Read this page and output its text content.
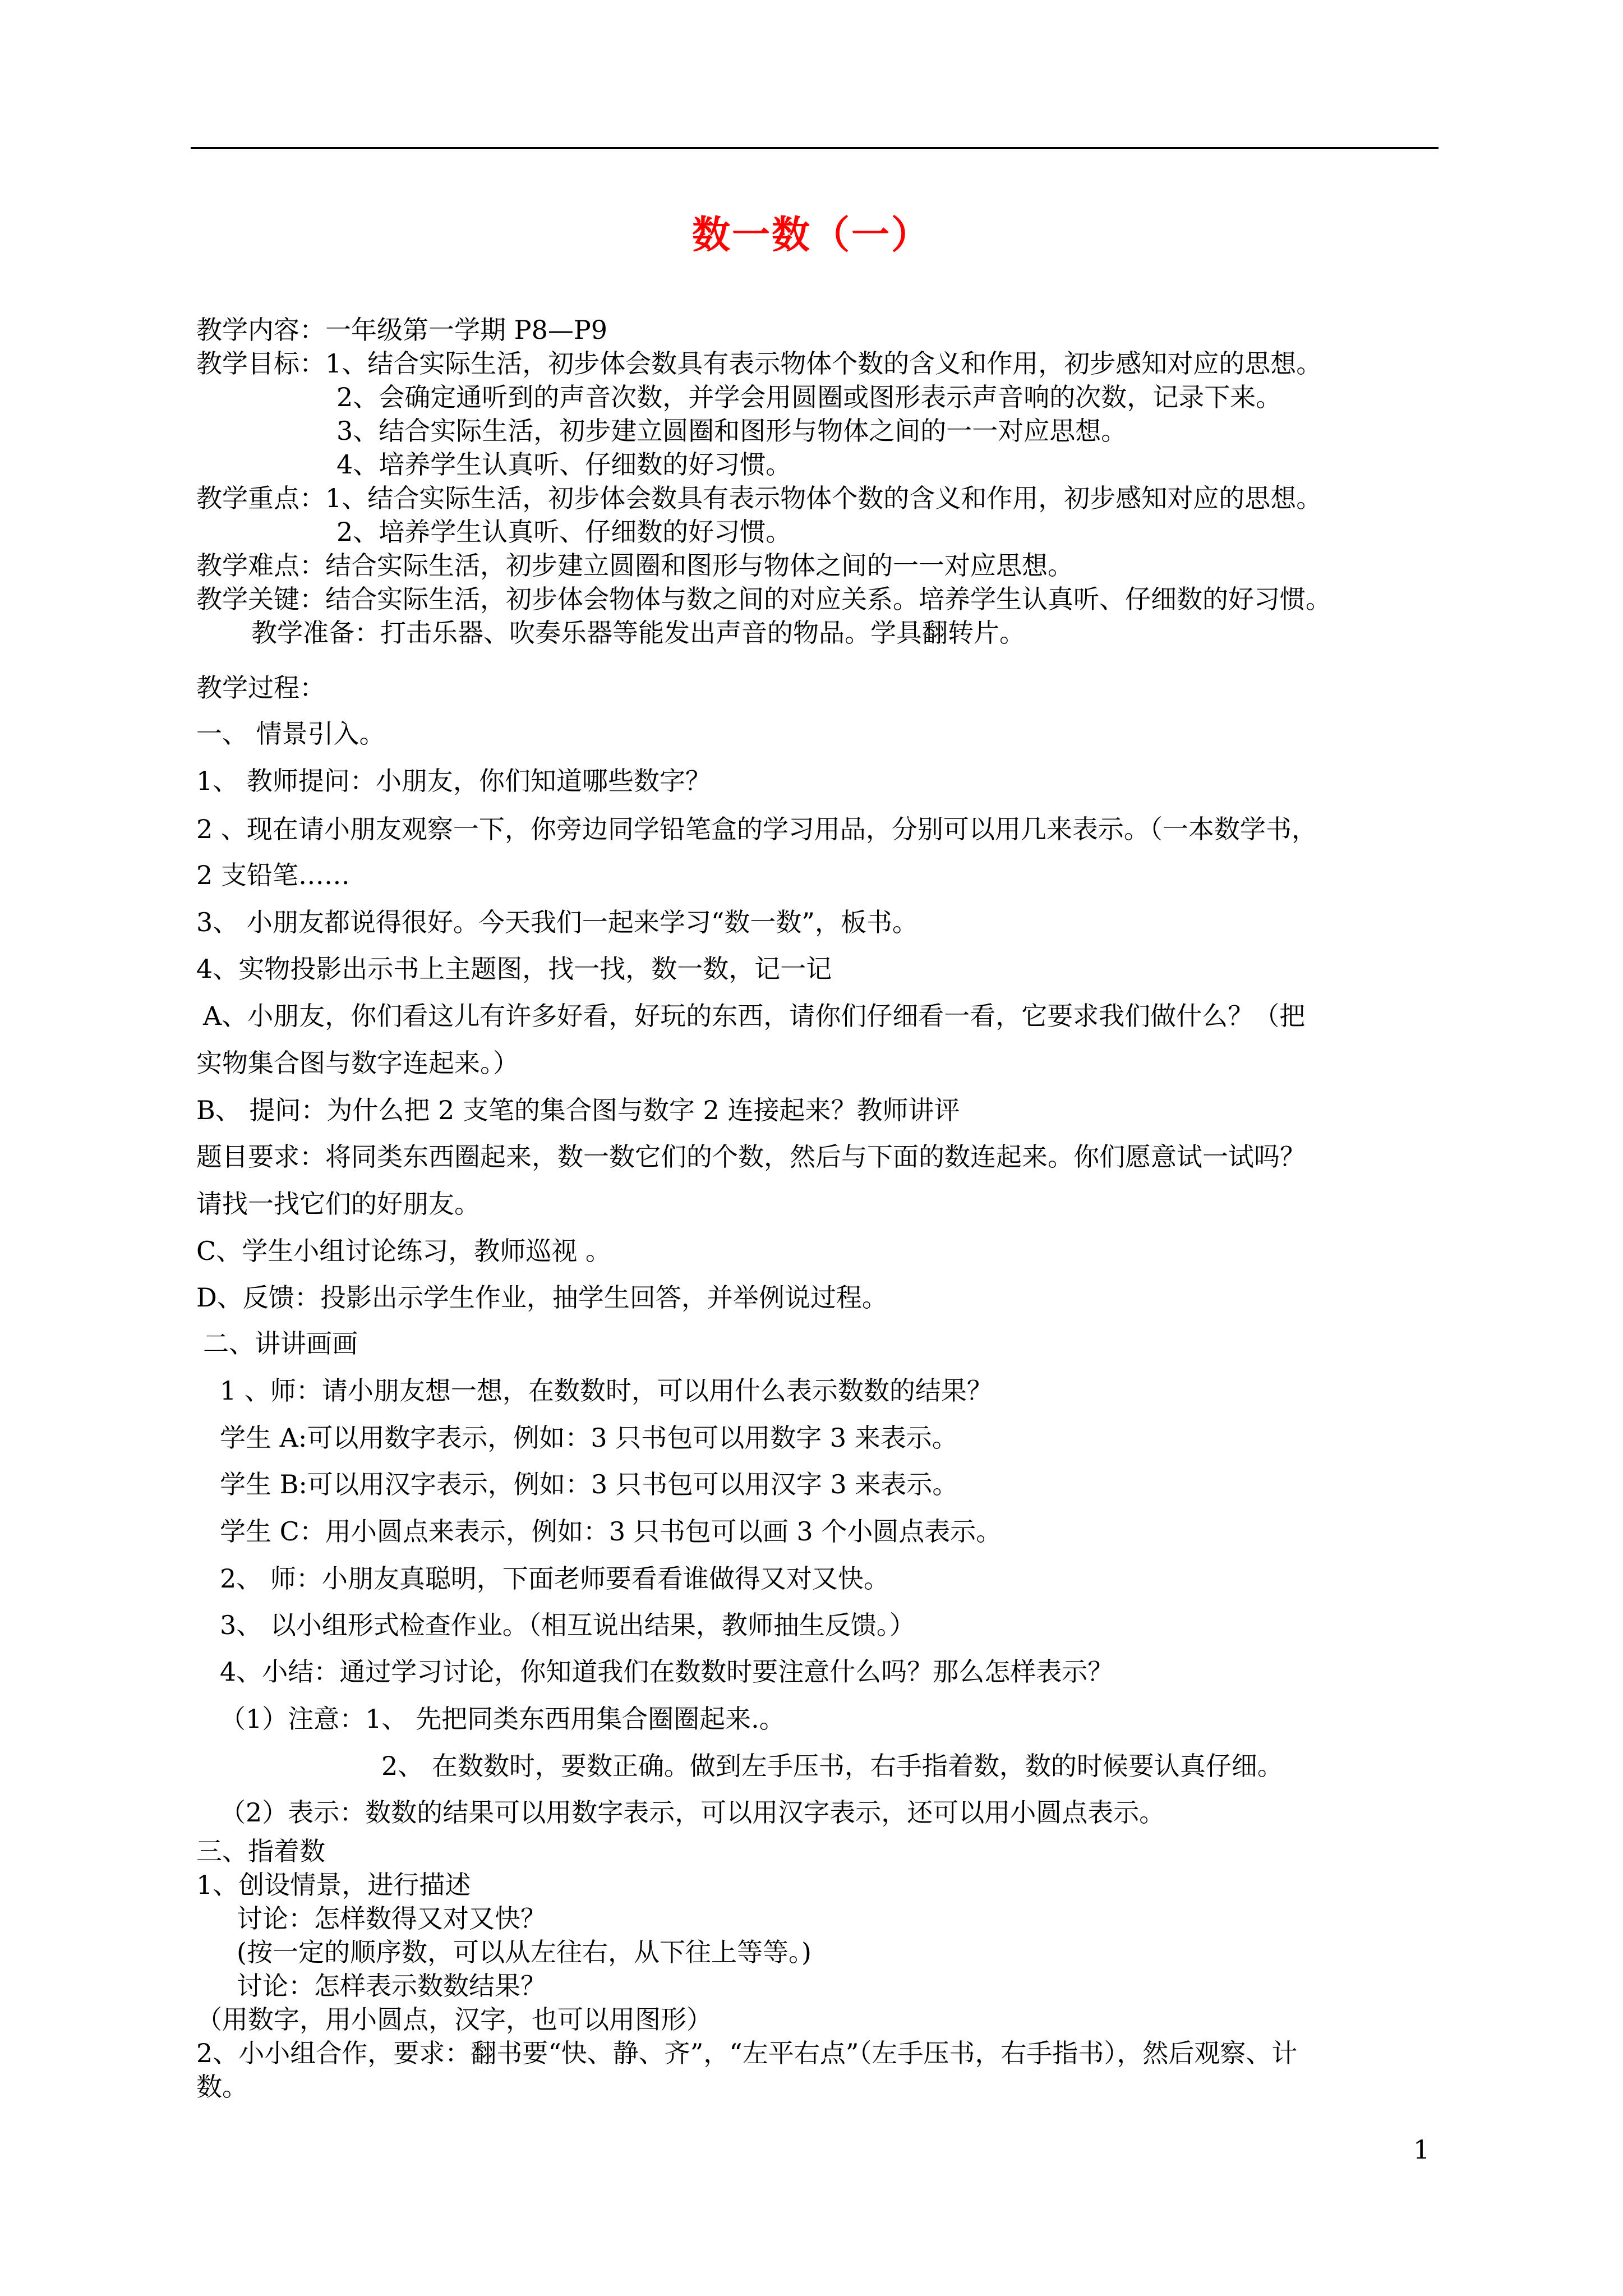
数一数（一）
教学内容：一年级第一学期 P8—P9
教学目标：1、结合实际生活，初步体会数具有表示物体个数的含义和作用，初步感知对应的思想。
2、会确定通听到的声音次数，并学会用圆圈或图形表示声音响的次数，记录下来。
3、结合实际生活，初步建立圆圈和图形与物体之间的一一对应思想。
4、培养学生认真听、仔细数的好习惯。
教学重点：1、结合实际生活，初步体会数具有表示物体个数的含义和作用，初步感知对应的思想。
2、培养学生认真听、仔细数的好习惯。
教学难点：结合实际生活，初步建立圆圈和图形与物体之间的一一对应思想。
教学关键：结合实际生活，初步体会物体与数之间的对应关系。培养学生认真听、仔细数的好习惯。
教学准备：打击乐器、吹奏乐器等能发出声音的物品。学具翻转片。
教学过程：
一、 情景引入。
1、 教师提问：小朋友，你们知道哪些数字？
2 、现在请小朋友观察一下，你旁边同学铅笔盒的学习用品，分别可以用几来表示。（一本数学书，
2 支铅笔……
3、 小朋友都说得很好。今天我们一起来学习“数一数”，板书。
4、实物投影出示书上主题图，找一找，数一数，记一记
A、小朋友，你们看这儿有许多好看，好玩的东西，请你们仔细看一看，它要求我们做什么？（把
实物集合图与数字连起来。）
B、 提问：为什么把 2 支笔的集合图与数字 2 连接起来？教师讲评
题目要求：将同类东西圈起来，数一数它们的个数，然后与下面的数连起来。你们愿意试一试吗？
请找一找它们的好朋友。
C、学生小组讨论练习，教师巡视 。
D、反馈：投影出示学生作业，抽学生回答，并举例说过程。
二、讲讲画画
1 、师：请小朋友想一想，在数数时，可以用什么表示数数的结果？
学生 A:可以用数字表示，例如：3 只书包可以用数字 3 来表示。
学生 B:可以用汉字表示，例如：3 只书包可以用汉字 3 来表示。
学生 C：用小圆点来表示，例如：3 只书包可以画 3 个小圆点表示。
2、 师：小朋友真聪明，下面老师要看看谁做得又对又快。
3、 以小组形式检查作业。（相互说出结果，教师抽生反馈。）
4、小结：通过学习讨论，你知道我们在数数时要注意什么吗？那么怎样表示？
（1）注意：1、 先把同类东西用集合圈圈起来.。
2、 在数数时，要数正确。做到左手压书，右手指着数，数的时候要认真仔细。
（2）表示：数数的结果可以用数字表示，可以用汉字表示，还可以用小圆点表示。
三、指着数
1、创设情景，进行描述
讨论：怎样数得又对又快？
(按一定的顺序数，可以从左往右，从下往上等等。)
讨论：怎样表示数数结果？
（用数字，用小圆点，汉字，也可以用图形）
2、小小组合作，要求：翻书要“快、静、齐”，“左平右点”（左手压书，右手指书），然后观察、计
数。
1
